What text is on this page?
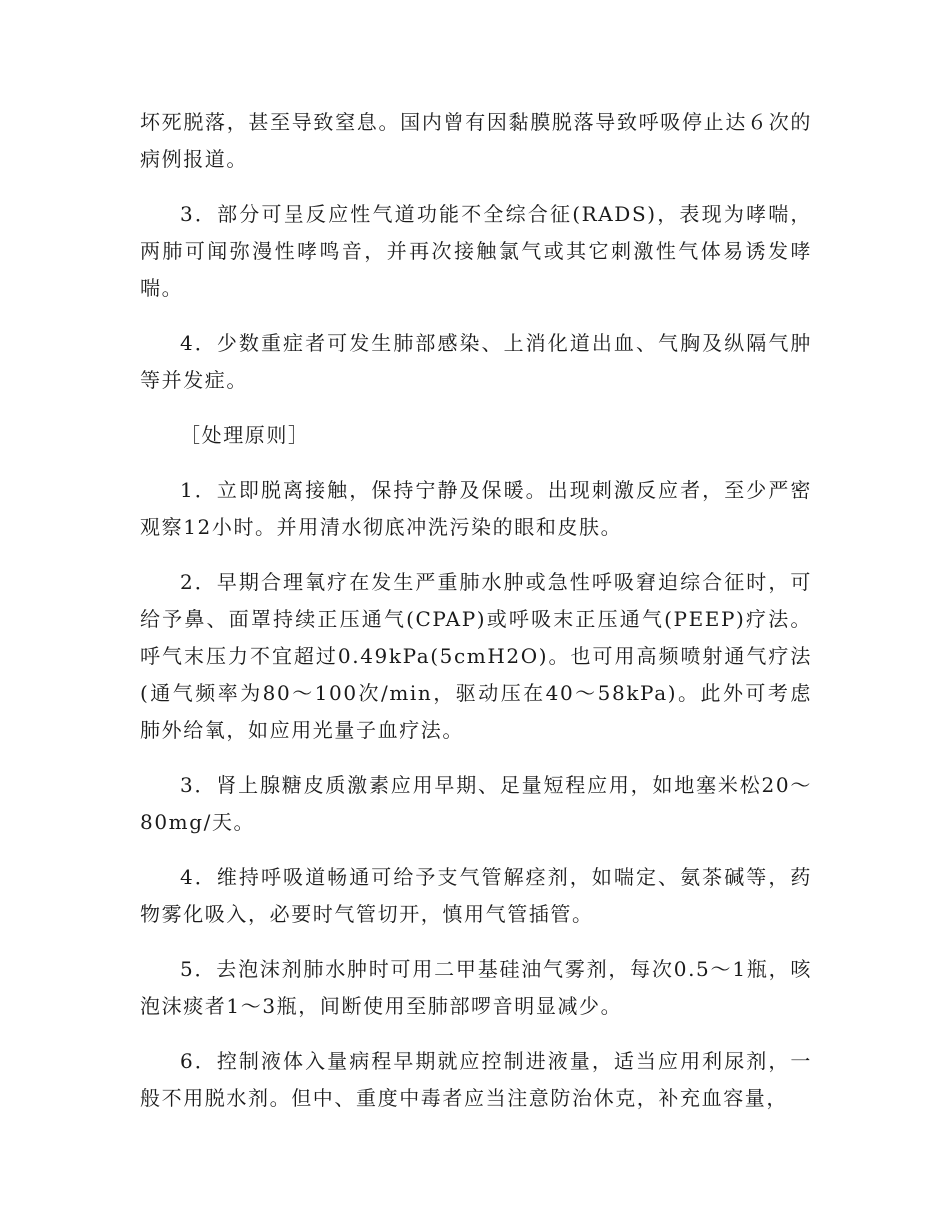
坏死脱落，甚至导致窒息。国内曾有因黏膜脱落导致呼吸停止达６次的病例报道。

3．部分可呈反应性气道功能不全综合征(RADS)，表现为哮喘，两肺可闻弥漫性哮鸣音，并再次接触氯气或其它刺激性气体易诱发哮喘。

4．少数重症者可发生肺部感染、上消化道出血、气胸及纵隔气肿等并发症。

［处理原则］

1．立即脱离接触，保持宁静及保暖。出现刺激反应者，至少严密观察12小时。并用清水彻底冲洗污染的眼和皮肤。

2．早期合理氧疗在发生严重肺水肿或急性呼吸窘迫综合征时，可给予鼻、面罩持续正压通气(CPAP)或呼吸末正压通气(PEEP)疗法。呼气末压力不宜超过0.49kPa(5cmH2O)。也可用高频喷射通气疗法(通气频率为80～100次/min，驱动压在40～58kPa)。此外可考虑肺外给氧，如应用光量子血疗法。

3．肾上腺糖皮质激素应用早期、足量短程应用，如地塞米松20～80mg/天。

4．维持呼吸道畅通可给予支气管解痉剂，如喘定、氨茶碱等，药物雾化吸入，必要时气管切开，慎用气管插管。

5．去泡沫剂肺水肿时可用二甲基硅油气雾剂，每次0.5～1瓶，咳泡沫痰者1～3瓶，间断使用至肺部啰音明显减少。

6．控制液体入量病程早期就应控制进液量，适当应用利尿剂，一般不用脱水剂。但中、重度中毒者应当注意防治休克，补充血容量，
